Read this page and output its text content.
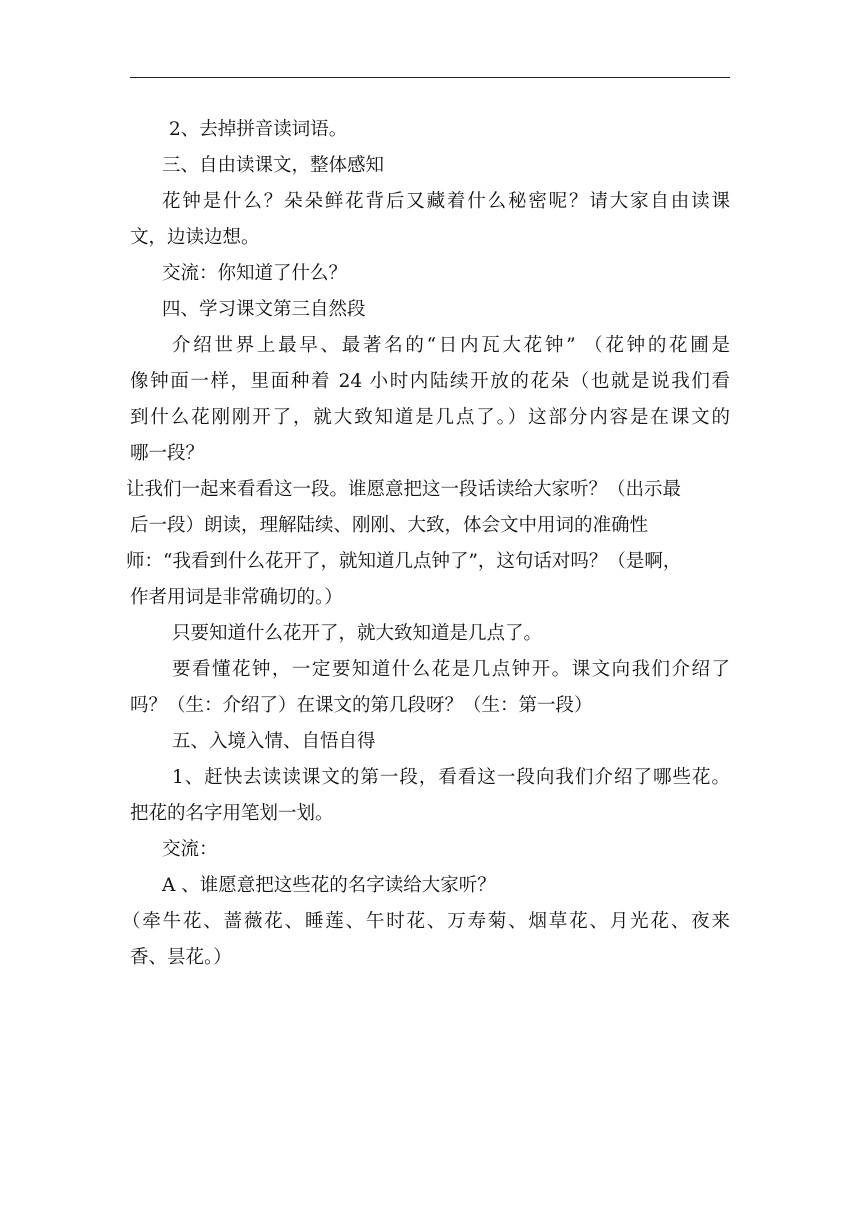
2、去掉拼音读词语。
三、自由读课文，整体感知
花钟是什么？朵朵鲜花背后又藏着什么秘密呢？请大家自由读课
文，边读边想。
交流：你知道了什么？
四、学习课文第三自然段
介绍世界上最早、最著名的“日内瓦大花钟” （花钟的花圃是
像钟面一样，里面种着 24 小时内陆续开放的花朵（也就是说我们看
到什么花刚刚开了，就大致知道是几点了。）这部分内容是在课文的
哪一段？
让我们一起来看看这一段。谁愿意把这一段话读给大家听？（出示最
后一段）朗读，理解陆续、刚刚、大致，体会文中用词的准确性
师：“我看到什么花开了，就知道几点钟了”，这句话对吗？（是啊，
作者用词是非常确切的。）
只要知道什么花开了，就大致知道是几点了。
要看懂花钟，一定要知道什么花是几点钟开。课文向我们介绍了
吗？（生：介绍了）在课文的第几段呀？（生：第一段）
五、入境入情、自悟自得
1、赶快去读读课文的第一段，看看这一段向我们介绍了哪些花。
把花的名字用笔划一划。
交流：
A 、谁愿意把这些花的名字读给大家听？
（牵牛花、蔷薇花、睡莲、午时花、万寿菊、烟草花、月光花、夜来
香、昙花。）
